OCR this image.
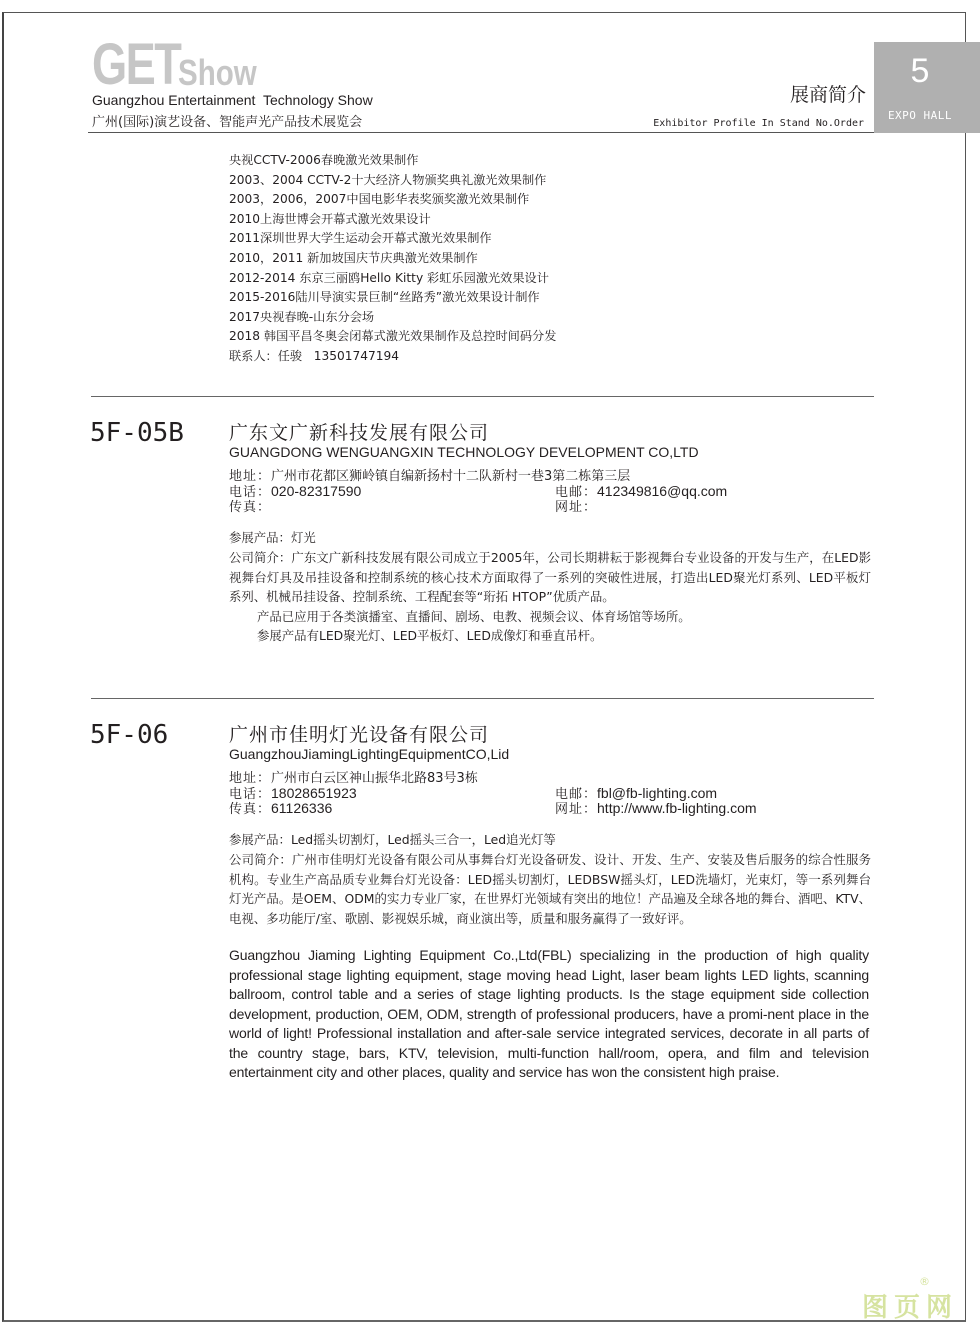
GET
Show
Guangzhou Entertainment  Technology Show
广州(国际)演艺设备、智能声光产品技术展览会
展商简介
Exhibitor Profile In Stand No.Order
5
EXPO HALL
央视CCTV-2006春晚激光效果制作
2003、2004 CCTV-2十大经济人物颁奖典礼激光效果制作
2003，2006，2007中国电影华表奖颁奖激光效果制作
2010上海世博会开幕式激光效果设计
2011深圳世界大学生运动会开幕式激光效果制作
2010，2011 新加坡国庆节庆典激光效果制作
2012-2014 东京三丽鸥Hello Kitty 彩虹乐园激光效果设计
2015-2016陆川导演实景巨制“丝路秀”激光效果设计制作
2017央视春晚-山东分会场
2018 韩国平昌冬奥会闭幕式激光效果制作及总控时间码分发
联系人：任骏   13501747194
5F-05B 广东文广新科技发展有限公司
GUANGDONG WENGUANGXIN TECHNOLOGY DEVELOPMENT CO,LTD
地址：广州市花都区狮岭镇自编新扬村十二队新村一巷3第二栋第三层
电话：020-82317590
传真：
电邮：412349816@qq.com
网址：
参展产品：灯光
公司简介：广东文广新科技发展有限公司成立于2005年，公司长期耕耘于影视舞台专业设备的开发与生产，在LED影视舞台灯具及吊挂设备和控制系统的核心技术方面取得了一系列的突破性进展，打造出LED聚光灯系列、LED平板灯系列、机械吊挂设备、控制系统、工程配套等“珩拓 HTOP”优质产品。
产品已应用于各类演播室、直播间、剧场、电教、视频会议、体育场馆等场所。
参展产品有LED聚光灯、LED平板灯、LED成像灯和垂直吊杆。
5F-06	广州市佳明灯光设备有限公司
GuangzhouJiamingLightingEquipmentCO,Lid
地址：广州市白云区神山振华北路83号3栋
电话：18028651923
传真：61126336
电邮：fbl@fb-lighting.com
网址：http://www.fb-lighting.com
参展产品：Led摇头切割灯，Led摇头三合一，Led追光灯等
公司简介：广州市佳明灯光设备有限公司从事舞台灯光设备研发、设计、开发、生产、安装及售后服务的综合性服务机构。专业生产高品质专业舞台灯光设备：LED摇头切割灯，LEDBSW摇头灯，LED洗墙灯，光束灯，等一系列舞台灯光产品。是OEM、ODM的实力专业厂家，在世界灯光领域有突出的地位！产品遍及全球各地的舞台、酒吧、KTV、电视、多功能厅/室、歌剧、影视娱乐城，商业演出等，质量和服务赢得了一致好评。
Guangzhou Jiaming Lighting Equipment Co.,Ltd(FBL) specializing in the production of high quality professional stage lighting equipment, stage moving head Light, laser beam lights LED lights, scanning ballroom, control table and a series of stage lighting products. Is the stage equipment side collection development, production, OEM, ODM, strength of professional producers, have a promi-nent place in the world of light! Professional installation and after-sale service integrated services, decorate in all parts of the country stage, bars, KTV, television, multi-function hall/room, opera, and film and television entertainment city and other places, quality and service has won the consistent high praise.
®
图页网
